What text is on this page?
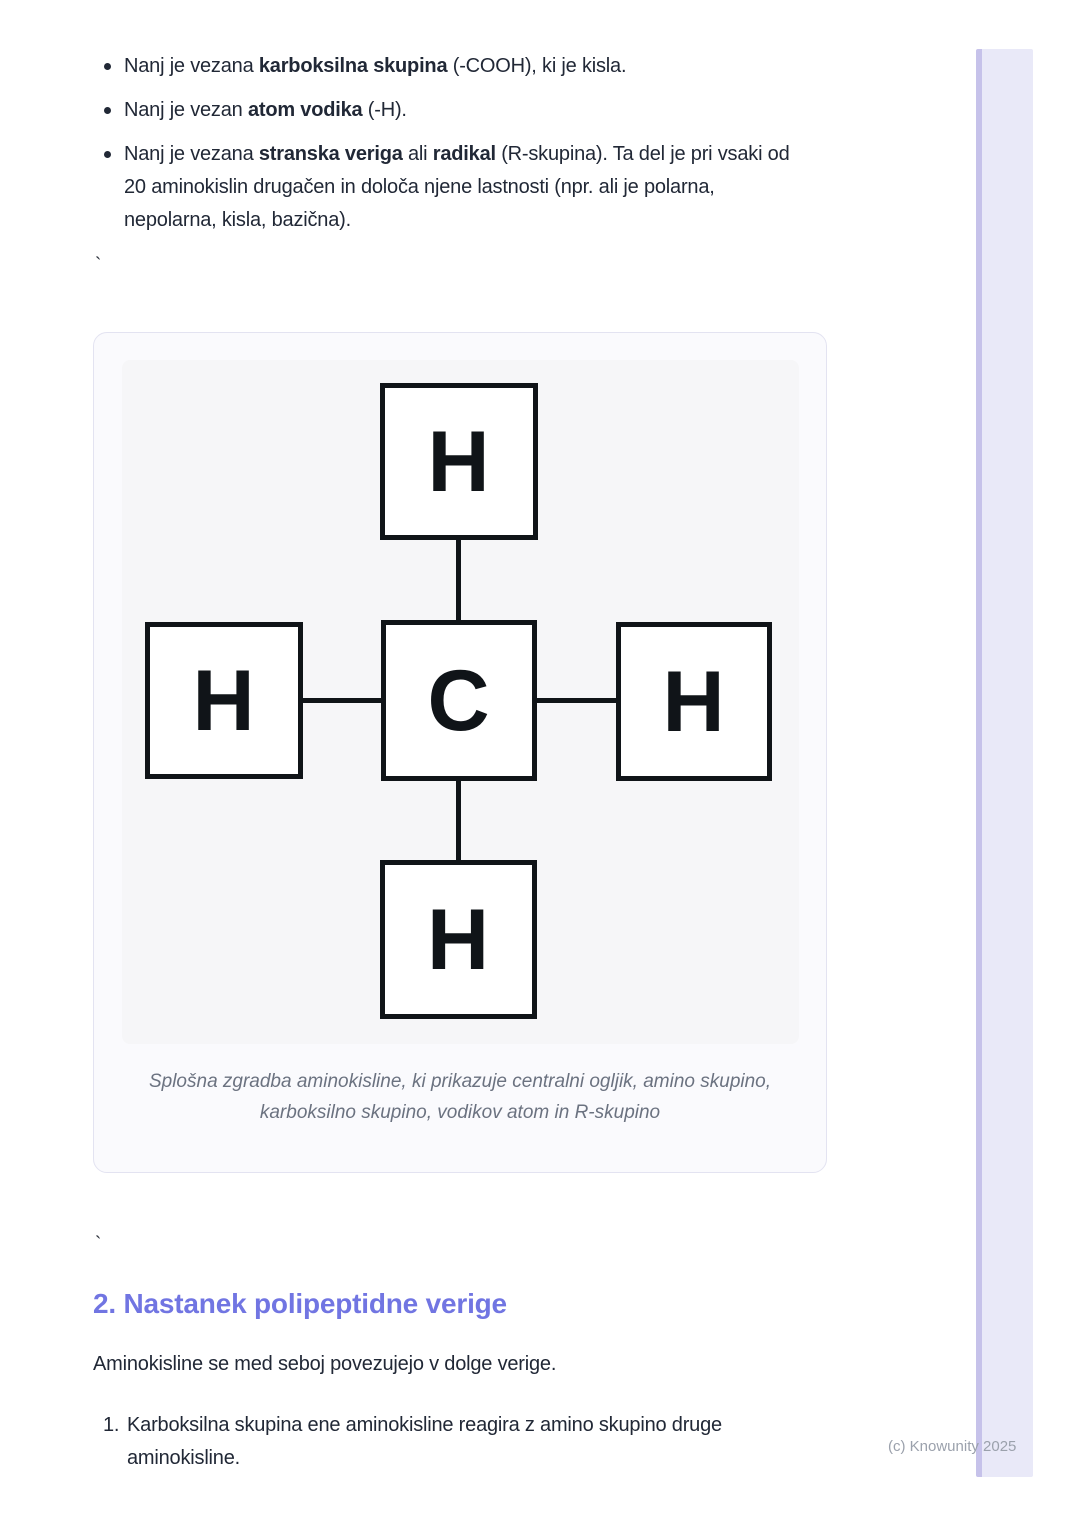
Nanj je vezana karboksilna skupina (-COOH), ki je kisla.
Nanj je vezan atom vodika (-H).
Nanj je vezana stranska veriga ali radikal (R-skupina). Ta del je pri vsaki od 20 aminokislin drugačen in določa njene lastnosti (npr. ali je polarna, nepolarna, kisla, bazična).
`
H
H C H
H
Splošna zgradba aminokisline, ki prikazuje centralni ogljik, amino skupino, karboksilno skupino, vodikov atom in R-skupino
`
2. Nastanek polipeptidne verige

Aminokisline se med seboj povezujejo v dolge verige.

1. Karboksilna skupina ene aminokisline reagira z amino skupino druge aminokisline.
(c) Knowunity 2025
